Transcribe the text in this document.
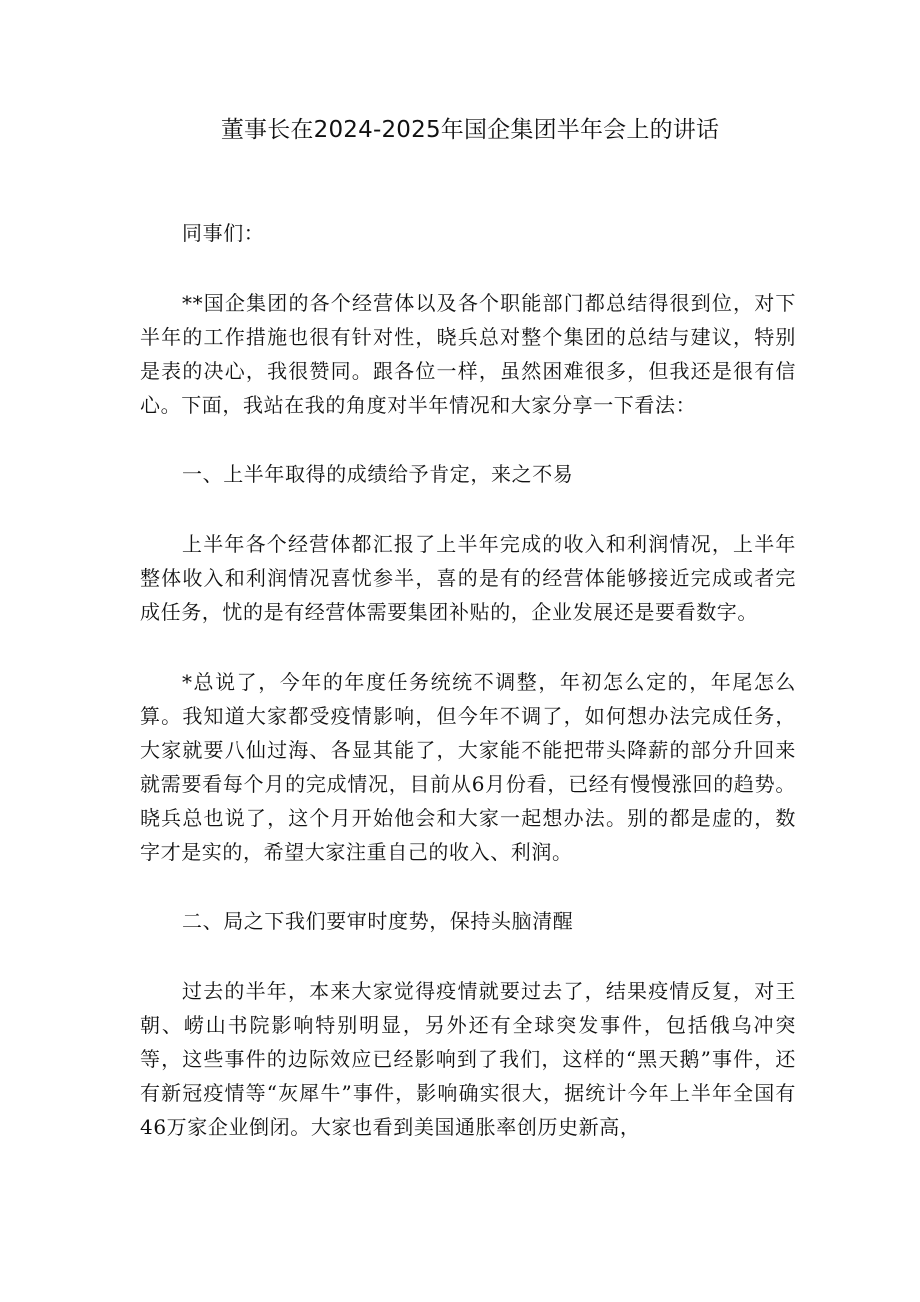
董事长在2024-2025年国企集团半年会上的讲话

同事们：

**国企集团的各个经营体以及各个职能部门都总结得很到位，对下半年的工作措施也很有针对性，晓兵总对整个集团的总结与建议，特别是表的决心，我很赞同。跟各位一样，虽然困难很多，但我还是很有信心。下面，我站在我的角度对半年情况和大家分享一下看法：

一、上半年取得的成绩给予肯定，来之不易

上半年各个经营体都汇报了上半年完成的收入和利润情况，上半年整体收入和利润情况喜忧参半，喜的是有的经营体能够接近完成或者完成任务，忧的是有经营体需要集团补贴的，企业发展还是要看数字。

*总说了，今年的年度任务统统不调整，年初怎么定的，年尾怎么算。我知道大家都受疫情影响，但今年不调了，如何想办法完成任务，大家就要八仙过海、各显其能了，大家能不能把带头降薪的部分升回来就需要看每个月的完成情况，目前从6月份看，已经有慢慢涨回的趋势。晓兵总也说了，这个月开始他会和大家一起想办法。别的都是虚的，数字才是实的，希望大家注重自己的收入、利润。

二、局之下我们要审时度势，保持头脑清醒

过去的半年，本来大家觉得疫情就要过去了，结果疫情反复，对王朝、崂山书院影响特别明显，另外还有全球突发事件，包括俄乌冲突等，这些事件的边际效应已经影响到了我们，这样的“黑天鹅”事件，还有新冠疫情等“灰犀牛”事件，影响确实很大，据统计今年上半年全国有46万家企业倒闭。大家也看到美国通胀率创历史新高，
